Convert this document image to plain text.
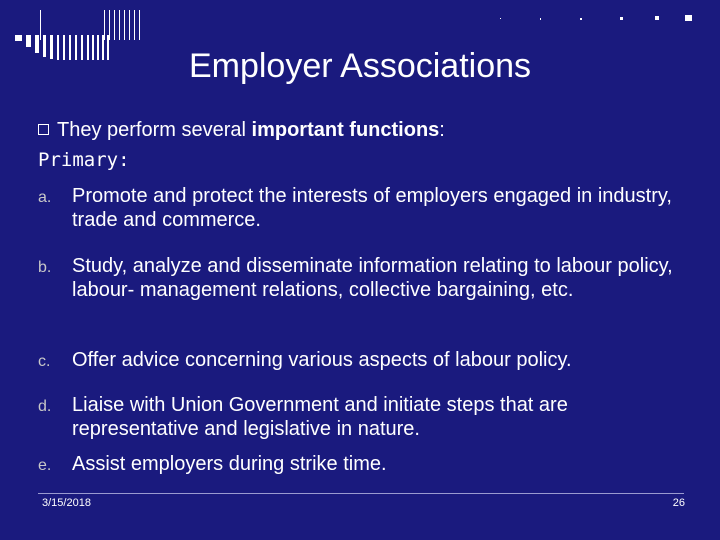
Employer Associations
They perform several important functions:
Primary:
a. Promote and protect the interests of employers engaged in industry, trade and commerce.
b. Study, analyze and disseminate information relating to labour policy, labour- management relations, collective bargaining, etc.
c. Offer advice concerning various aspects of labour policy.
d. Liaise with Union Government and initiate steps that are representative and legislative in nature.
e. Assist employers during strike time.
3/15/2018	26
